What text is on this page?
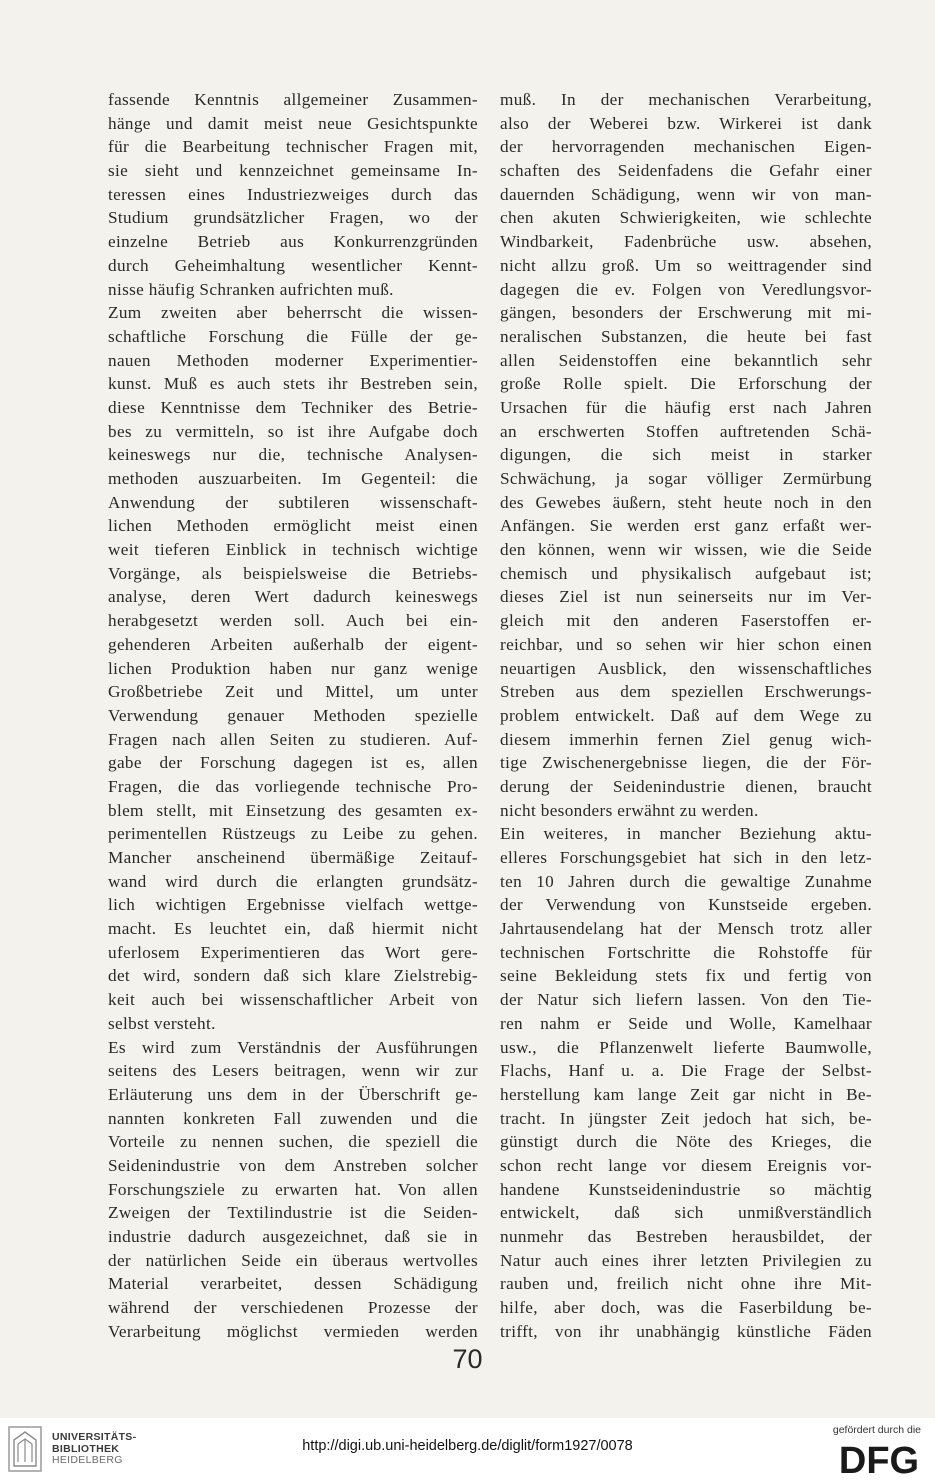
fassende Kenntnis allgemeiner Zusammen-
hänge und damit meist neue Gesichtspunkte
für die Bearbeitung technischer Fragen mit,
sie sieht und kennzeichnet gemeinsame In-
teressen eines Industriezweiges durch das
Studium grundsätzlicher Fragen, wo der
einzelne Betrieb aus Konkurrenzgründen
durch Geheimhaltung wesentlicher Kennt-
nisse häufig Schranken aufrichten muß.
Zum zweiten aber beherrscht die wissen-
schaftliche Forschung die Fülle der ge-
nauen Methoden moderner Experimentier-
kunst. Muß es auch stets ihr Bestreben sein,
diese Kenntnisse dem Techniker des Betrie-
bes zu vermitteln, so ist ihre Aufgabe doch
keineswegs nur die, technische Analysen-
methoden auszuarbeiten. Im Gegenteil: die
Anwendung der subtileren wissenschaft-
lichen Methoden ermöglicht meist einen
weit tieferen Einblick in technisch wichtige
Vorgänge, als beispielsweise die Betriebs-
analyse, deren Wert dadurch keineswegs
herabgesetzt werden soll. Auch bei ein-
gehenderen Arbeiten außerhalb der eigent-
lichen Produktion haben nur ganz wenige
Großbetriebe Zeit und Mittel, um unter
Verwendung genauer Methoden spezielle
Fragen nach allen Seiten zu studieren. Auf-
gabe der Forschung dagegen ist es, allen
Fragen, die das vorliegende technische Pro-
blem stellt, mit Einsetzung des gesamten ex-
perimentellen Rüstzeugs zu Leibe zu gehen.
Mancher anscheinend übermäßige Zeitauf-
wand wird durch die erlangten grundsätz-
lich wichtigen Ergebnisse vielfach wettge-
macht. Es leuchtet ein, daß hiermit nicht
uferlosem Experimentieren das Wort gere-
det wird, sondern daß sich klare Zielstrebig-
keit auch bei wissenschaftlicher Arbeit von
selbst versteht.
Es wird zum Verständnis der Ausführungen
seitens des Lesers beitragen, wenn wir zur
Erläuterung uns dem in der Überschrift ge-
nannten konkreten Fall zuwenden und die
Vorteile zu nennen suchen, die speziell die
Seidenindustrie von dem Anstreben solcher
Forschungsziele zu erwarten hat. Von allen
Zweigen der Textilindustrie ist die Seiden-
industrie dadurch ausgezeichnet, daß sie in
der natürlichen Seide ein überaus wertvolles
Material verarbeitet, dessen Schädigung
während der verschiedenen Prozesse der
Verarbeitung möglichst vermieden werden
muß. In der mechanischen Verarbeitung,
also der Weberei bzw. Wirkerei ist dank
der hervorragenden mechanischen Eigen-
schaften des Seidenfadens die Gefahr einer
dauernden Schädigung, wenn wir von man-
chen akuten Schwierigkeiten, wie schlechte
Windbarkeit, Fadenbrüche usw. absehen,
nicht allzu groß. Um so weittragender sind
dagegen die ev. Folgen von Veredlungsvor-
gängen, besonders der Erschwerung mit mi-
neralischen Substanzen, die heute bei fast
allen Seidenstoffen eine bekanntlich sehr
große Rolle spielt. Die Erforschung der
Ursachen für die häufig erst nach Jahren
an erschwerten Stoffen auftretenden Schä-
digungen, die sich meist in starker
Schwächung, ja sogar völliger Zermürbung
des Gewebes äußern, steht heute noch in den
Anfängen. Sie werden erst ganz erfaßt wer-
den können, wenn wir wissen, wie die Seide
chemisch und physikalisch aufgebaut ist;
dieses Ziel ist nun seinerseits nur im Ver-
gleich mit den anderen Faserstoffen er-
reichbar, und so sehen wir hier schon einen
neuartigen Ausblick, den wissenschaftliches
Streben aus dem speziellen Erschwerungs-
problem entwickelt. Daß auf dem Wege zu
diesem immerhin fernen Ziel genug wich-
tige Zwischenergebnisse liegen, die der För-
derung der Seidenindustrie dienen, braucht
nicht besonders erwähnt zu werden.
Ein weiteres, in mancher Beziehung aktu-
elleres Forschungsgebiet hat sich in den letz-
ten 10 Jahren durch die gewaltige Zunahme
der Verwendung von Kunstseide ergeben.
Jahrtausendelang hat der Mensch trotz aller
technischen Fortschritte die Rohstoffe für
seine Bekleidung stets fix und fertig von
der Natur sich liefern lassen. Von den Tie-
ren nahm er Seide und Wolle, Kamelhaar
usw., die Pflanzenwelt lieferte Baumwolle,
Flachs, Hanf u. a. Die Frage der Selbst-
herstellung kam lange Zeit gar nicht in Be-
tracht. In jüngster Zeit jedoch hat sich, be-
günstigt durch die Nöte des Krieges, die
schon recht lange vor diesem Ereignis vor-
handene Kunstseidenindustrie so mächtig
entwickelt, daß sich unmißverständlich
nunmehr das Bestreben herausbildet, der
Natur auch eines ihrer letzten Privilegien zu
rauben und, freilich nicht ohne ihre Mit-
hilfe, aber doch, was die Faserbildung be-
trifft, von ihr unabhängig künstliche Fäden
70
UNIVERSITÄTS-
BIBLIOTHEK
HEIDELBERG
http://digi.ub.uni-heidelberg.de/diglit/form1927/0078
gefördert durch die
DFG
